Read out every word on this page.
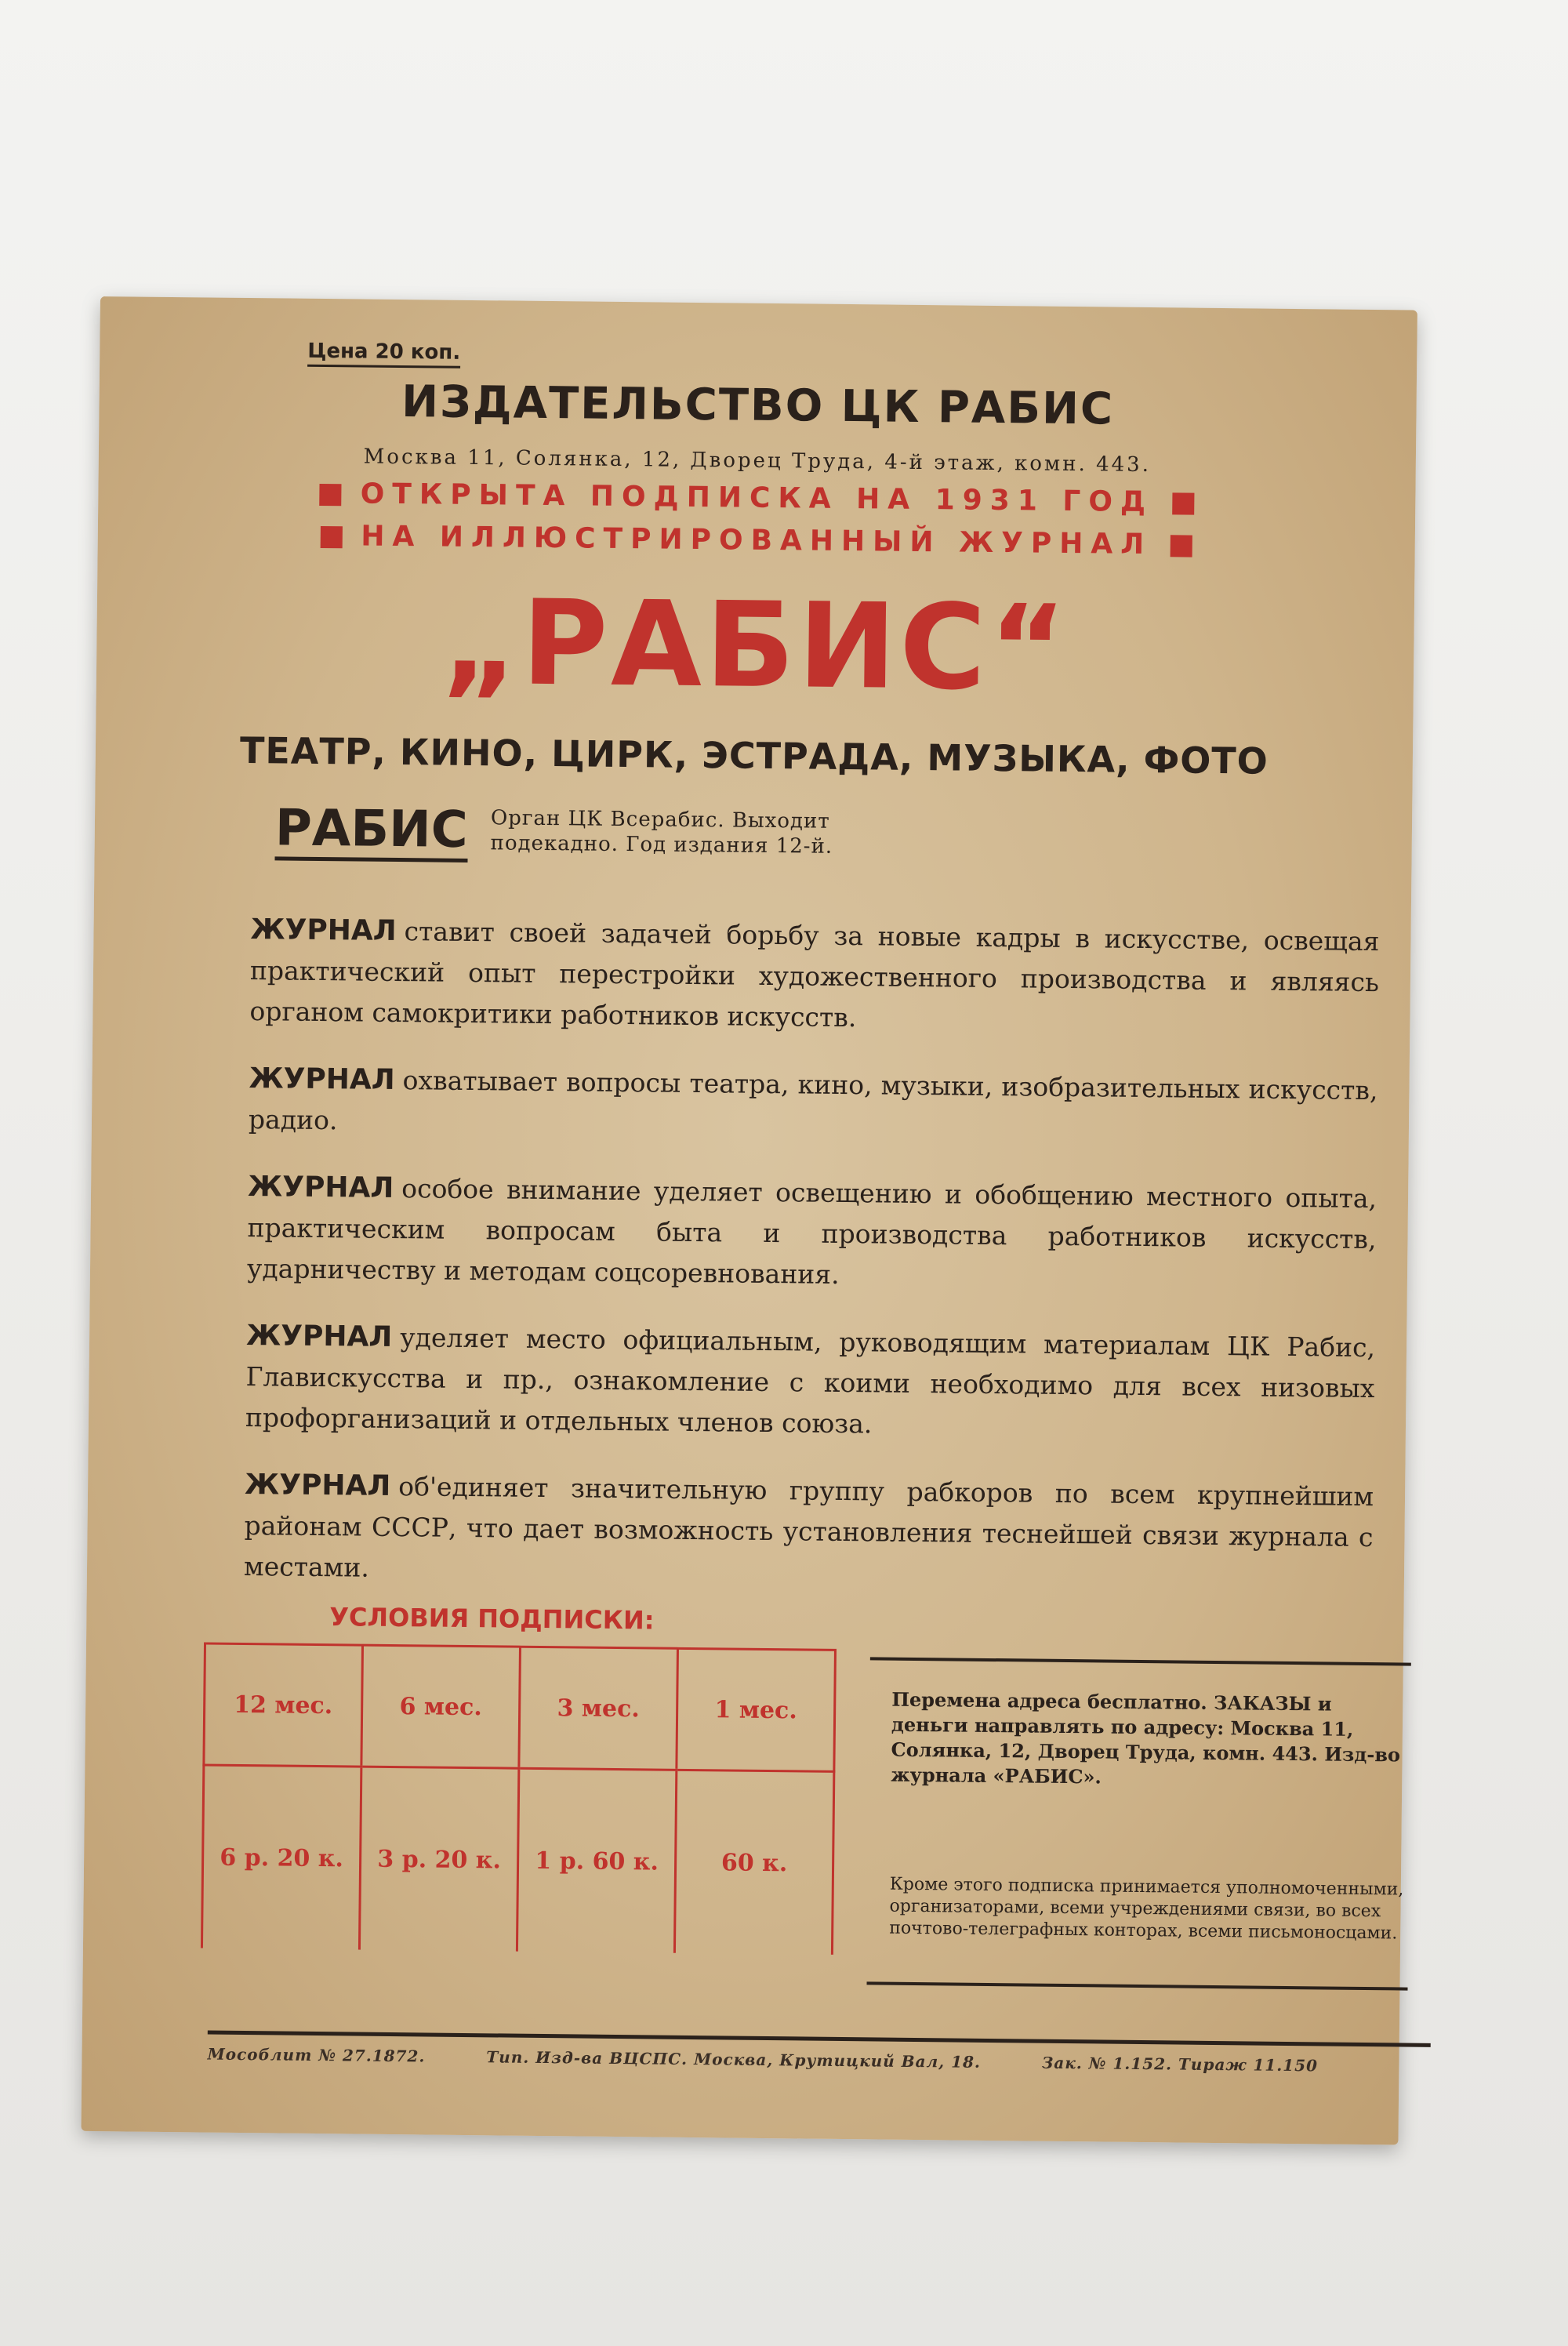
Цена 20 коп.
ИЗДАТЕЛЬСТВО ЦК РАБИС
Москва 11, Солянка, 12, Дворец Труда, 4-й этаж, комн. 443.
ОТКРЫТА ПОДПИСКА НА 1931 ГОД
НА ИЛЛЮСТРИРОВАННЫЙ ЖУРНАЛ
„РАБИС“
ТЕАТР, КИНО, ЦИРК, ЭСТРАДА, МУЗЫКА, ФОТО
РАБИС Орган ЦК Всерабис. Выходит
подекадно. Год издания 12-й.

ЖУРНАЛ ставит своей задачей борьбу за новые кадры в искусстве, освещая практический опыт перестройки художественного производства и являясь органом самокритики работников искусств.

ЖУРНАЛ охватывает вопросы театра, кино, музыки, изобразительных искусств, радио.

ЖУРНАЛ особое внимание уделяет освещению и обобщению местного опыта, практическим вопросам быта и производства работников искусств, ударничеству и методам соцсоревнования.

ЖУРНАЛ уделяет место официальным, руководящим материалам ЦК Рабис, Главискусства и пр., ознакомление с коими необходимо для всех низовых профорганизаций и отдельных членов союза.

ЖУРНАЛ об'единяет значительную группу рабкоров по всем крупнейшим районам СССР, что дает возможность установления теснейшей связи журнала с местами.

УСЛОВИЯ ПОДПИСКИ:
12 мес.	6 мес.	3 мес.	1 мес.
6 р. 20 к.	3 р. 20 к.	1 р. 60 к.	60 к.
Перемена адреса бесплатно. ЗАКАЗЫ и деньги направлять по адресу: Москва 11, Солянка, 12, Дворец Труда, комн. 443. Изд-во журнала «РАБИС».
Кроме этого подписка принимается уполномоченными, организаторами, всеми учреждениями связи, во всех почтово-телеграфных конторах, всеми письмоносцами.
Мособлит № 27.1872.	Тип. Изд-ва ВЦСПС. Москва, Крутицкий Вал, 18.	Зак. № 1.152. Тираж 11.150
